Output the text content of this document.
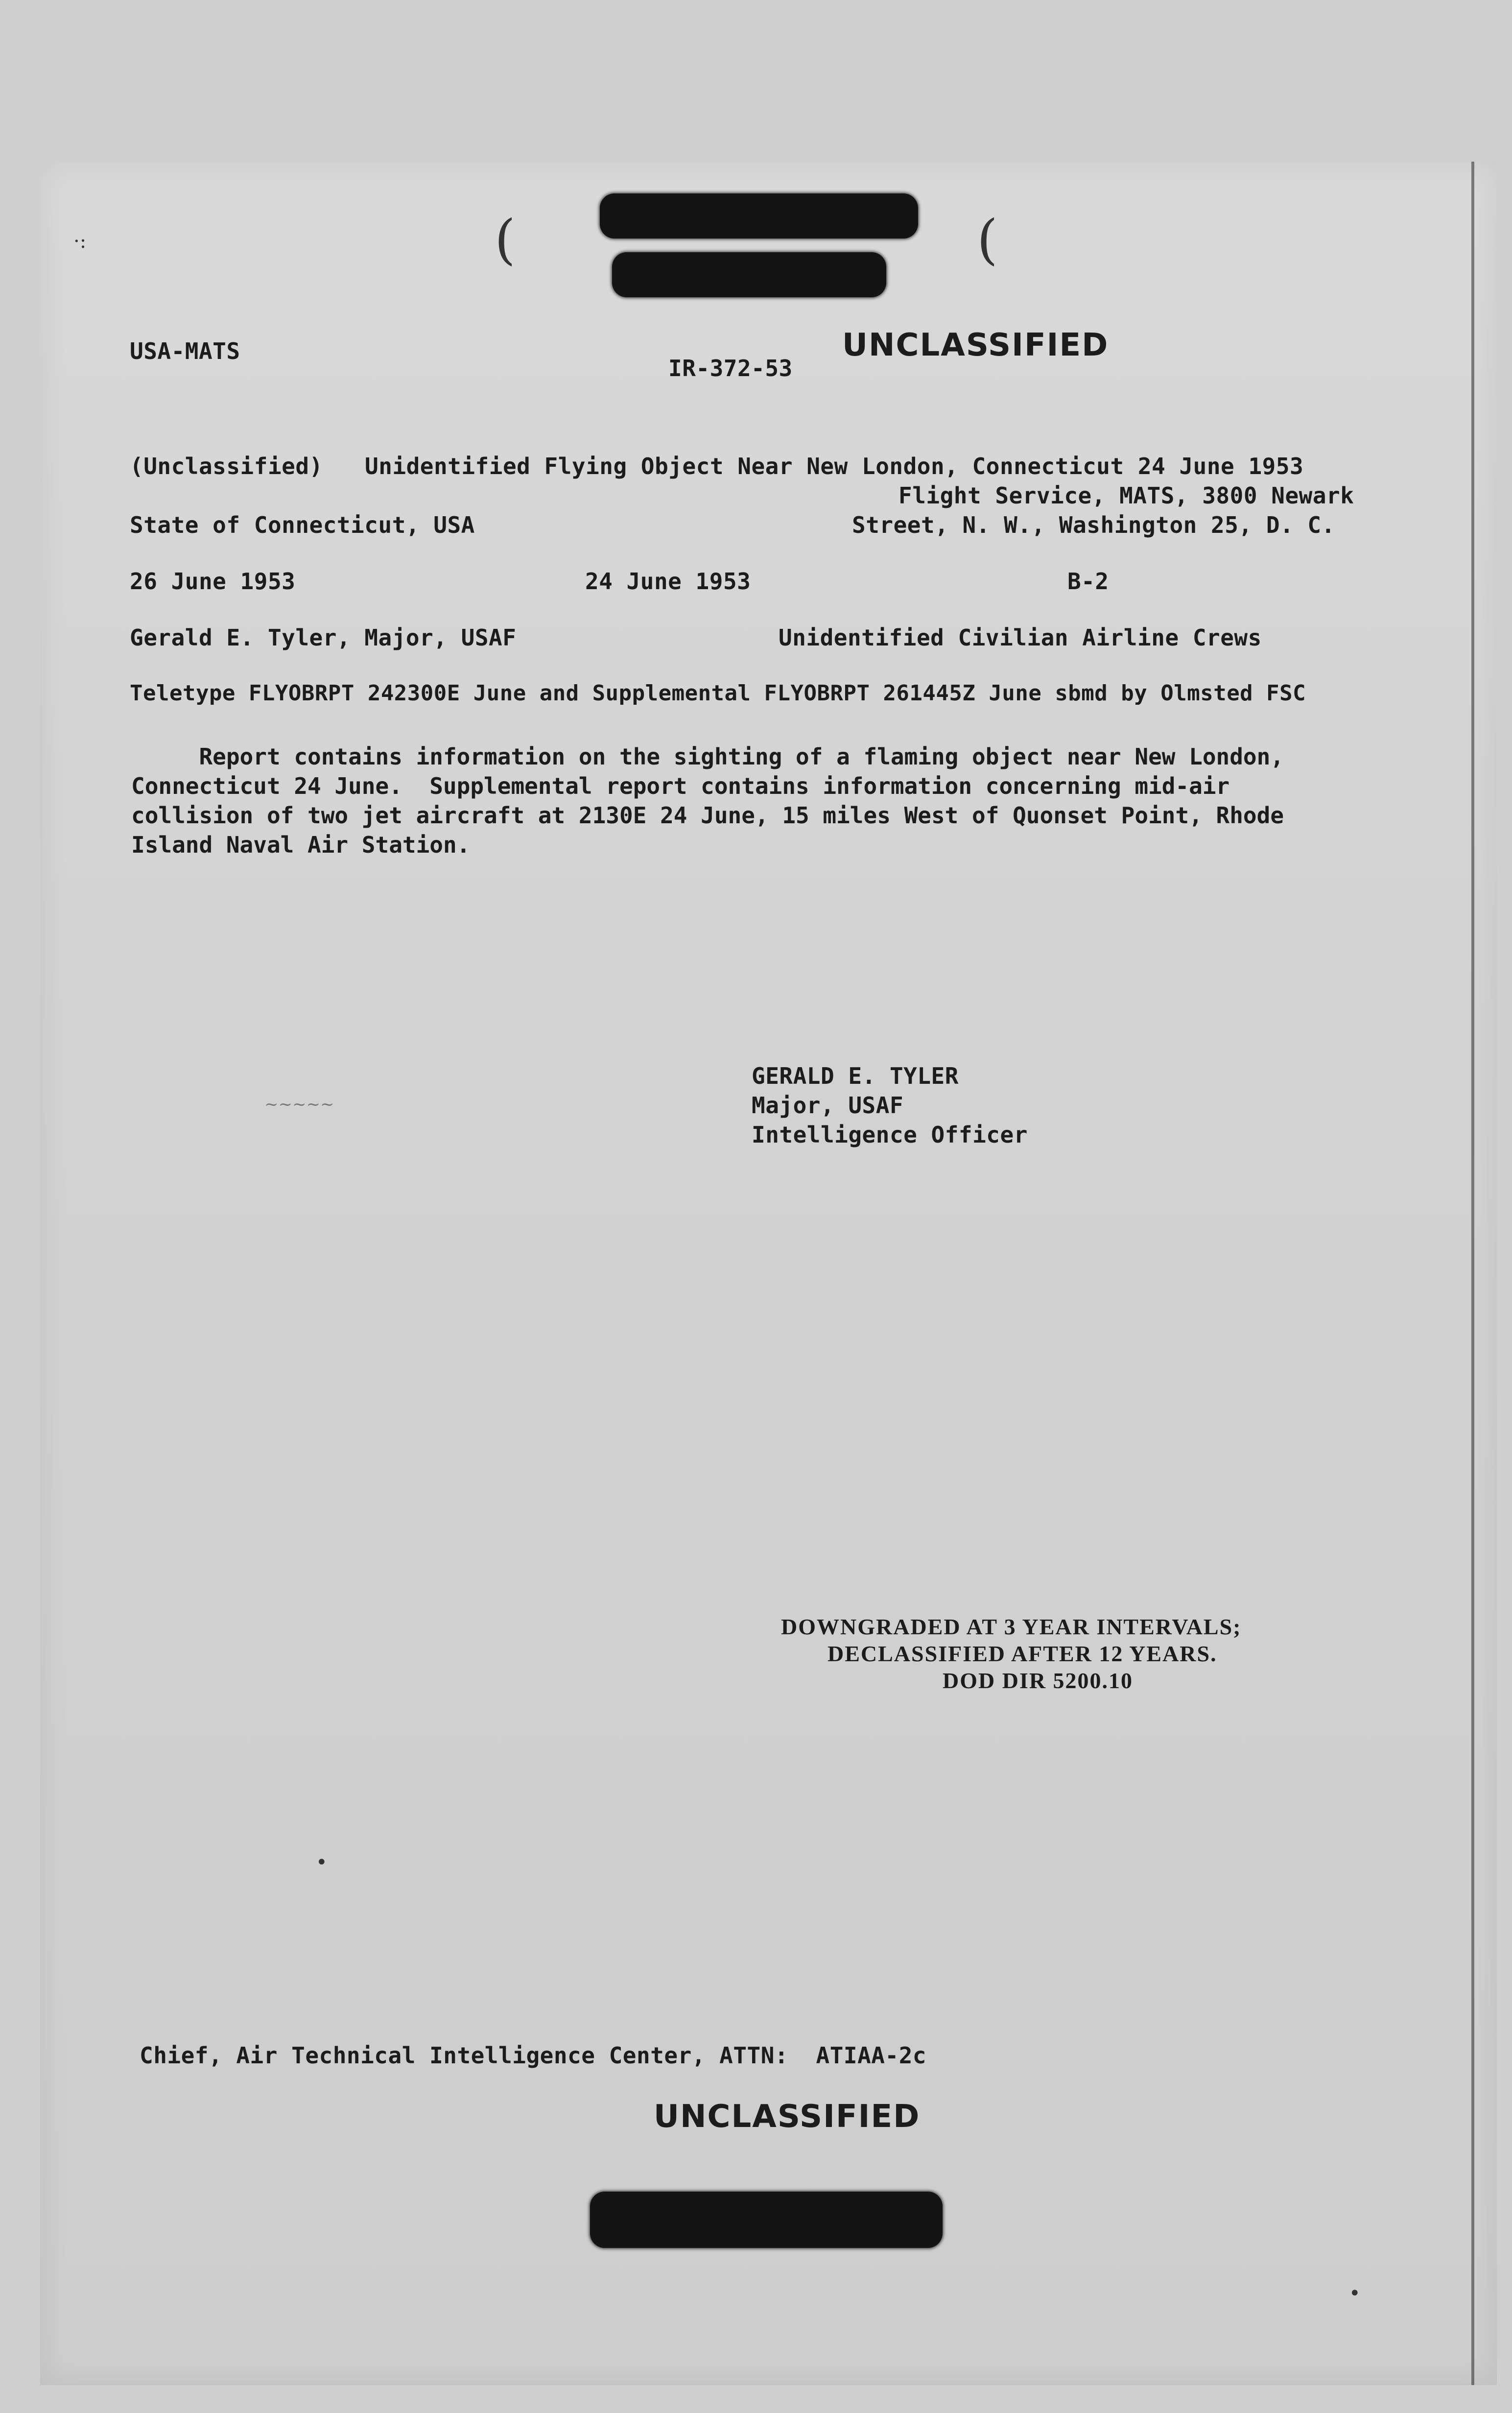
·:	(	(
USA-MATS
IR-372-53
UNCLASSIFIED
(Unclassified) Unidentified Flying Object Near New London, Connecticut 24 June 1953
Flight Service, MATS, 3800 Newark
State of Connecticut, USA	Street, N. W., Washington 25, D. C.
26 June 1953	24 June 1953	B-2
Gerald E. Tyler, Major, USAF	Unidentified Civilian Airline Crews
Teletype FLYOBRPT 242300E June and Supplemental FLYOBRPT 261445Z June sbmd by Olmsted FSC
Report contains information on the sighting of a flaming object near New London,
Connecticut 24 June.  Supplemental report contains information concerning mid-air
collision of two jet aircraft at 2130E 24 June, 15 miles West of Quonset Point, Rhode
Island Naval Air Station.
~~~~~
GERALD E. TYLER
Major, USAF
Intelligence Officer
DOWNGRADED AT 3 YEAR INTERVALS;
DECLASSIFIED AFTER 12 YEARS.
DOD DIR 5200.10
•
•
Chief, Air Technical Intelligence Center, ATTN:  ATIAA-2c
UNCLASSIFIED
